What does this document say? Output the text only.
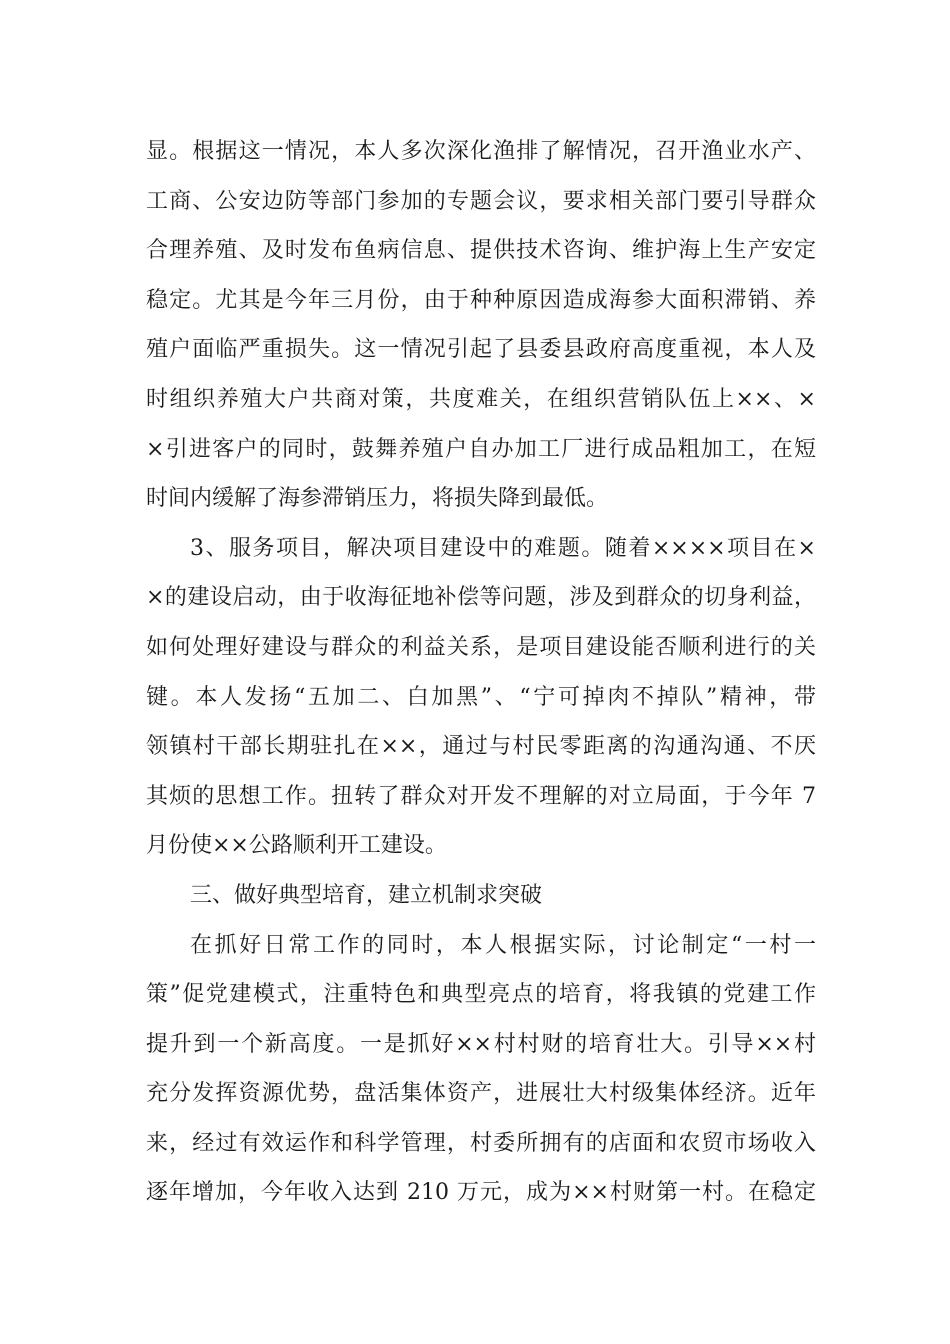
显。根据这一情况，本人多次深化渔排了解情况，召开渔业水产、
工商、公安边防等部门参加的专题会议，要求相关部门要引导群众
合理养殖、及时发布鱼病信息、提供技术咨询、维护海上生产安定
稳定。尤其是今年三月份，由于种种原因造成海参大面积滞销、养
殖户面临严重损失。这一情况引起了县委县政府高度重视，本人及
时组织养殖大户共商对策，共度难关，在组织营销队伍上××、×
×引进客户的同时，鼓舞养殖户自办加工厂进行成品粗加工，在短
时间内缓解了海参滞销压力，将损失降到最低。
3、服务项目，解决项目建设中的难题。随着××××项目在×
×的建设启动，由于收海征地补偿等问题，涉及到群众的切身利益，
如何处理好建设与群众的利益关系，是项目建设能否顺利进行的关
键。本人发扬“五加二、白加黑”、“宁可掉肉不掉队”精神，带
领镇村干部长期驻扎在××，通过与村民零距离的沟通沟通、不厌
其烦的思想工作。扭转了群众对开发不理解的对立局面，于今年 7
月份使××公路顺利开工建设。
三、做好典型培育，建立机制求突破
在抓好日常工作的同时，本人根据实际，讨论制定“一村一
策”促党建模式，注重特色和典型亮点的培育，将我镇的党建工作
提升到一个新高度。一是抓好××村村财的培育壮大。引导××村
充分发挥资源优势，盘活集体资产，进展壮大村级集体经济。近年
来，经过有效运作和科学管理，村委所拥有的店面和农贸市场收入
逐年增加，今年收入达到 210 万元，成为××村财第一村。在稳定
